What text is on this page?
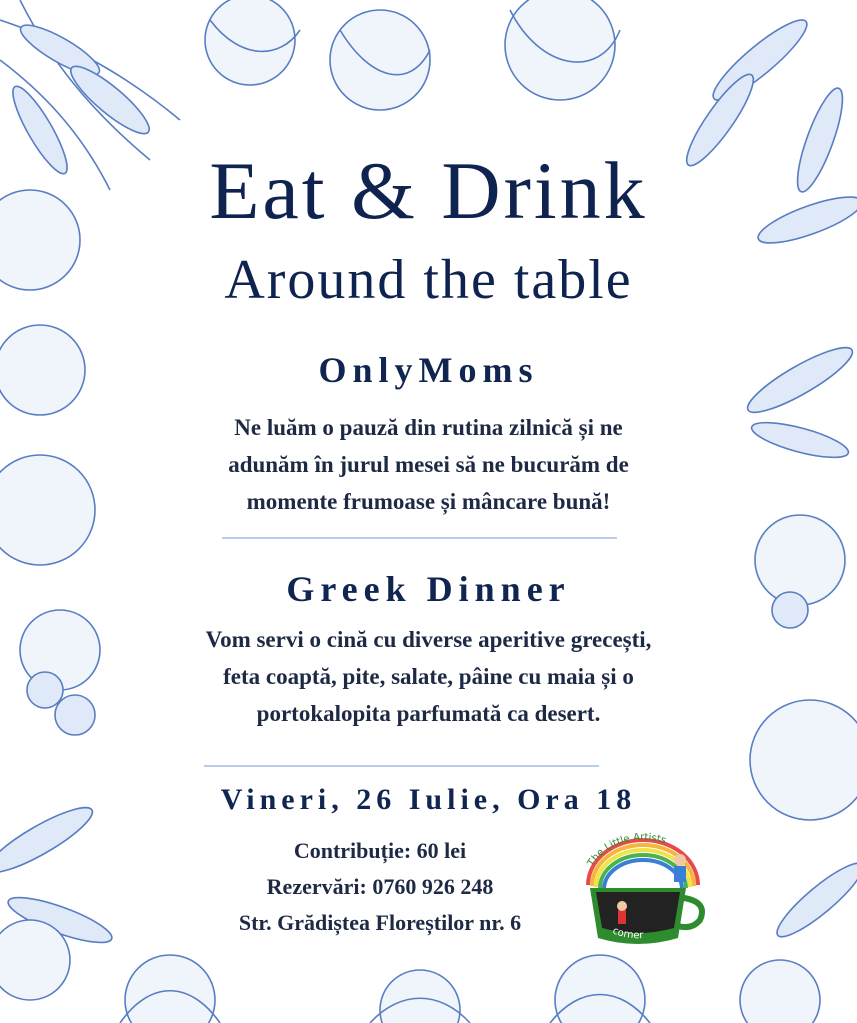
Eat & Drink
Around the table
OnlyMoms
Ne luăm o pauză din rutina zilnică și ne
adunăm în jurul mesei să ne bucurăm de
momente frumoase și mâncare bună!
Greek Dinner
Vom servi o cină cu diverse aperitive grecești,
feta coaptă, pite, salate, pâine cu maia și o
portokalopita parfumată ca desert.
Vineri, 26 Iulie, Ora 18
Contribuție: 60 lei
Rezervări: 0760 926 248
Str. Grădiștea Floreștilor nr. 6
The Little Artists
corner
